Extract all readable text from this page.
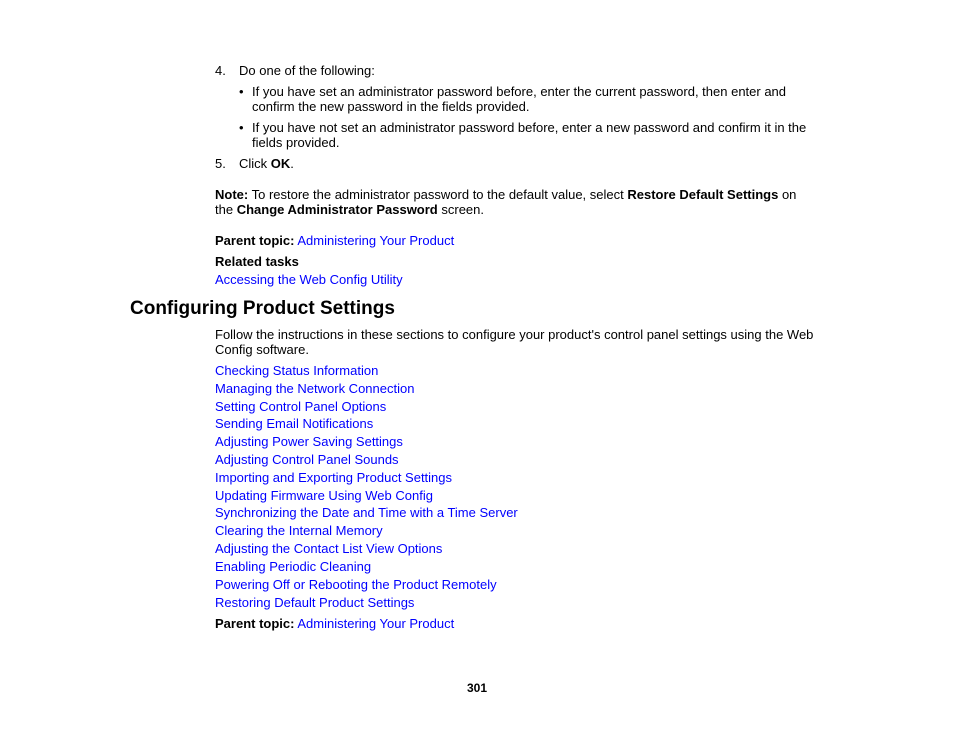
4. Do one of the following:
• If you have set an administrator password before, enter the current password, then enter and
confirm the new password in the fields provided.
• If you have not set an administrator password before, enter a new password and confirm it in the
fields provided.
5. Click OK.
Note: To restore the administrator password to the default value, select Restore Default Settings on
the Change Administrator Password screen.
Parent topic: Administering Your Product
Related tasks
Accessing the Web Config Utility
Configuring Product Settings
Follow the instructions in these sections to configure your product's control panel settings using the Web
Config software.
Checking Status Information
Managing the Network Connection
Setting Control Panel Options
Sending Email Notifications
Adjusting Power Saving Settings
Adjusting Control Panel Sounds
Importing and Exporting Product Settings
Updating Firmware Using Web Config
Synchronizing the Date and Time with a Time Server
Clearing the Internal Memory
Adjusting the Contact List View Options
Enabling Periodic Cleaning
Powering Off or Rebooting the Product Remotely
Restoring Default Product Settings
Parent topic: Administering Your Product
301
